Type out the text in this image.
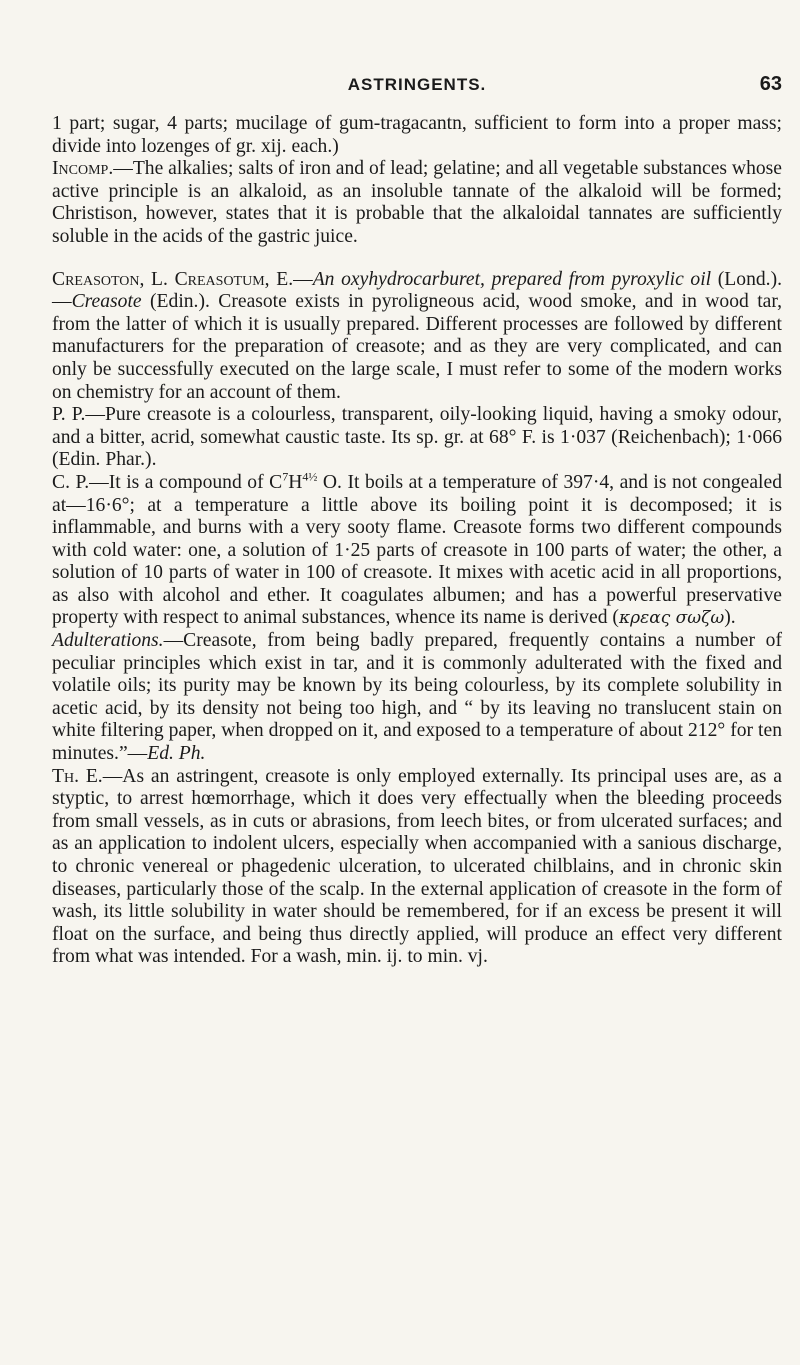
ASTRINGENTS.	63

1 part; sugar, 4 parts; mucilage of gum-tragacantn, sufficient to form into a proper mass; divide into lozenges of gr. xij. each.)

Incomp.—The alkalies; salts of iron and of lead; gelatine; and all vegetable substances whose active principle is an alkaloid, as an insoluble tannate of the alkaloid will be formed; Christison, however, states that it is probable that the alkaloidal tannates are sufficiently soluble in the acids of the gastric juice.

Creasoton, L. Creasotum, E.—An oxyhydrocarburet, prepared from pyroxylic oil (Lond.).—Creasote (Edin.). Creasote exists in pyroligneous acid, wood smoke, and in wood tar, from the latter of which it is usually prepared. Different processes are followed by different manufacturers for the preparation of creasote; and as they are very complicated, and can only be successfully executed on the large scale, I must refer to some of the modern works on chemistry for an account of them.

P. P.—Pure creasote is a colourless, transparent, oily-looking liquid, having a smoky odour, and a bitter, acrid, somewhat caustic taste. Its sp. gr. at 68° F. is 1·037 (Reichenbach); 1·066 (Edin. Phar.).

C. P.—It is a compound of $C^7H^{4\frac{1}{2}}$ O. It boils at a temperature of 397·4, and is not congealed at—16·6°; at a temperature a little above its boiling point it is decomposed; it is inflammable, and burns with a very sooty flame. Creasote forms two different compounds with cold water: one, a solution of 1·25 parts of creasote in 100 parts of water; the other, a solution of 10 parts of water in 100 of creasote. It mixes with acetic acid in all proportions, as also with alcohol and ether. It coagulates albumen; and has a powerful preservative property with respect to animal substances, whence its name is derived (κρεας σωζω).

Adulterations.—Creasote, from being badly prepared, frequently contains a number of peculiar principles which exist in tar, and it is commonly adulterated with the fixed and volatile oils; its purity may be known by its being colourless, by its complete solubility in acetic acid, by its density not being too high, and “ by its leaving no translucent stain on white filtering paper, when dropped on it, and exposed to a temperature of about 212° for ten minutes.”—Ed. Ph.

Th. E.—As an astringent, creasote is only employed externally. Its principal uses are, as a styptic, to arrest hœmorrhage, which it does very effectually when the bleeding proceeds from small vessels, as in cuts or abrasions, from leech bites, or from ulcerated surfaces; and as an application to indolent ulcers, especially when accompanied with a sanious discharge, to chronic venereal or phagedenic ulceration, to ulcerated chilblains, and in chronic skin diseases, particularly those of the scalp. In the external application of creasote in the form of wash, its little solubility in water should be remembered, for if an excess be present it will float on the surface, and being thus directly applied, will produce an effect very different from what was intended. For a wash, min. ij. to min. vj.
